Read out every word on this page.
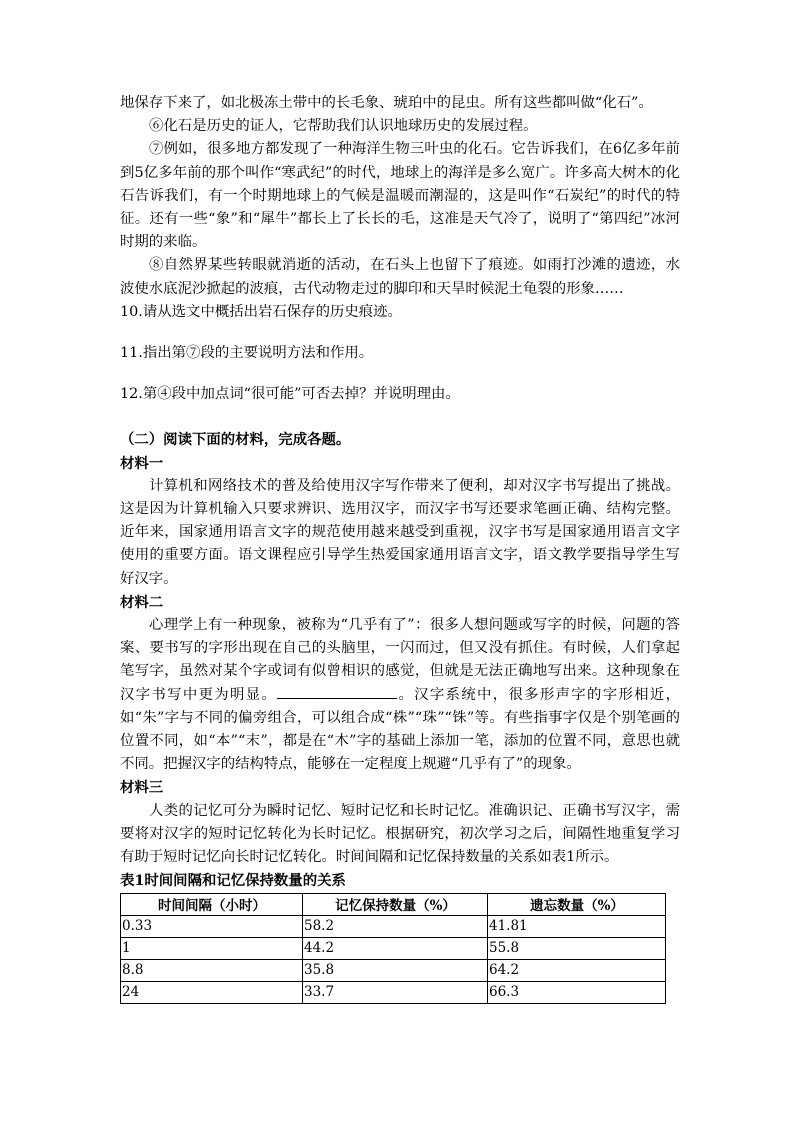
地保存下来了，如北极冻土带中的长毛象、琥珀中的昆虫。所有这些都叫做“化石”。

⑥化石是历史的证人，它帮助我们认识地球历史的发展过程。

⑦例如，很多地方都发现了一种海洋生物三叶虫的化石。它告诉我们，在6亿多年前到5亿多年前的那个叫作“寒武纪”的时代，地球上的海洋是多么宽广。许多高大树木的化石告诉我们，有一个时期地球上的气候是温暖而潮湿的，这是叫作“石炭纪”的时代的特征。还有一些“象”和“犀牛”都长上了长长的毛，这准是天气冷了，说明了“第四纪”冰河时期的来临。

⑧自然界某些转眼就消逝的活动，在石头上也留下了痕迹。如雨打沙滩的遗迹，水波使水底泥沙掀起的波痕，古代动物走过的脚印和天旱时候泥土龟裂的形象……

10.请从选文中概括出岩石保存的历史痕迹。

11.指出第⑦段的主要说明方法和作用。

12.第④段中加点词“很可能”可否去掉？并说明理由。

（二）阅读下面的材料，完成各题。

材料一

计算机和网络技术的普及给使用汉字写作带来了便利，却对汉字书写提出了挑战。这是因为计算机输入只要求辨识、选用汉字，而汉字书写还要求笔画正确、结构完整。近年来，国家通用语言文字的规范使用越来越受到重视，汉字书写是国家通用语言文字使用的重要方面。语文课程应引导学生热爱国家通用语言文字，语文教学要指导学生写好汉字。

材料二

心理学上有一种现象，被称为“几乎有了”：很多人想问题或写字的时候，问题的答案、要书写的字形出现在自己的头脑里，一闪而过，但又没有抓住。有时候，人们拿起笔写字，虽然对某个字或词有似曾相识的感觉，但就是无法正确地写出来。这种现象在汉字书写中更为明显。	。汉字系统中，很多形声字的字形相近，如“朱”字与不同的偏旁组合，可以组合成“株”“珠”“铢”等。有些指事字仅是个别笔画的位置不同，如“本”“末”，都是在“木”字的基础上添加一笔，添加的位置不同，意思也就不同。把握汉字的结构特点，能够在一定程度上规避“几乎有了”的现象。

材料三

人类的记忆可分为瞬时记忆、短时记忆和长时记忆。准确识记、正确书写汉字，需要将对汉字的短时记忆转化为长时记忆。根据研究，初次学习之后，间隔性地重复学习有助于短时记忆向长时记忆转化。时间间隔和记忆保持数量的关系如表1所示。

表1时间间隔和记忆保持数量的关系

时间间隔（小时）	记忆保持数量（%）	遗忘数量（%）
0.33	58.2	41.81
1	44.2	55.8
8.8	35.8	64.2
24	33.7	66.3
